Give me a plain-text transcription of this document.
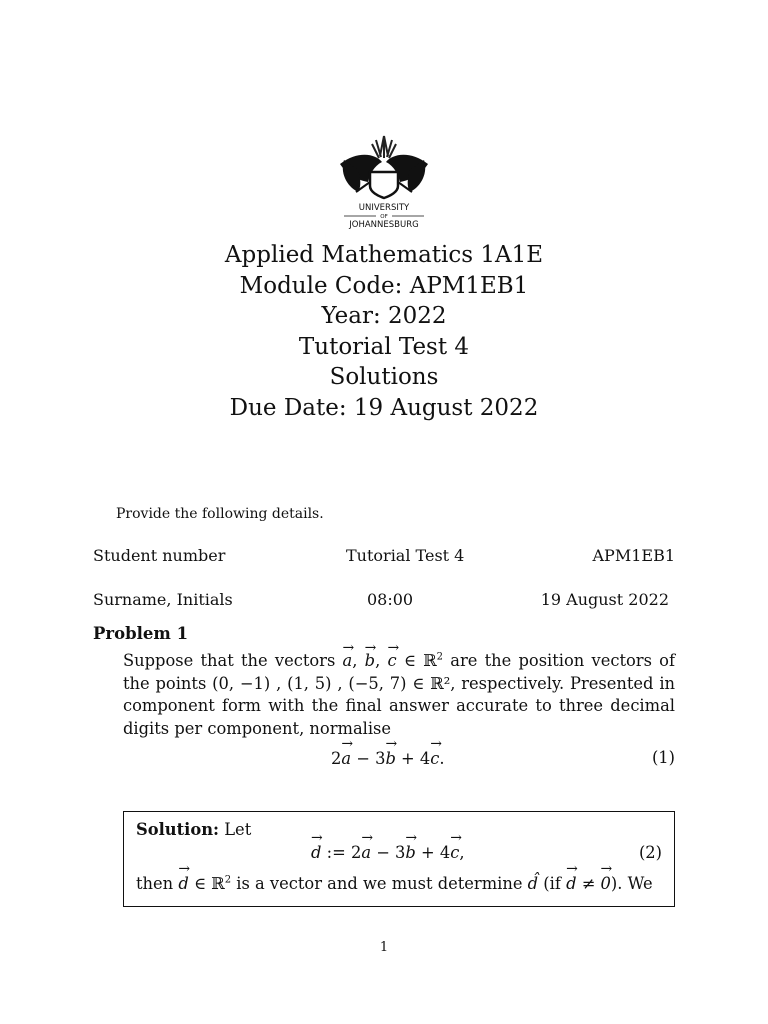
UNIVERSITY
OF
JOHANNESBURG
Applied Mathematics 1A1E
Module Code: APM1EB1
Year: 2022
Tutorial Test 4
Solutions
Due Date: 19 August 2022
Provide the following details.
Student number	Tutorial Test 4	APM1EB1
Surname, Initials	08:00	19 August 2022
Problem 1
Suppose that the vectors → a, → b, → c ∈ ℝ$^2$ are the position vectors of the points (0, −1) , (1, 5) , (−5, 7) ∈ ℝ², respectively. Presented in component form with the final answer accurate to three decimal digits per component, normalise
2→ a − 3→ b + 4→ c.	(1)
Solution: Let
→ d := 2→ a − 3→ b + 4→ c,	(2)
then → d ∈ ℝ$^2$ is a vector and we must determine d̂ (if → d ≠ → 0). We
1
